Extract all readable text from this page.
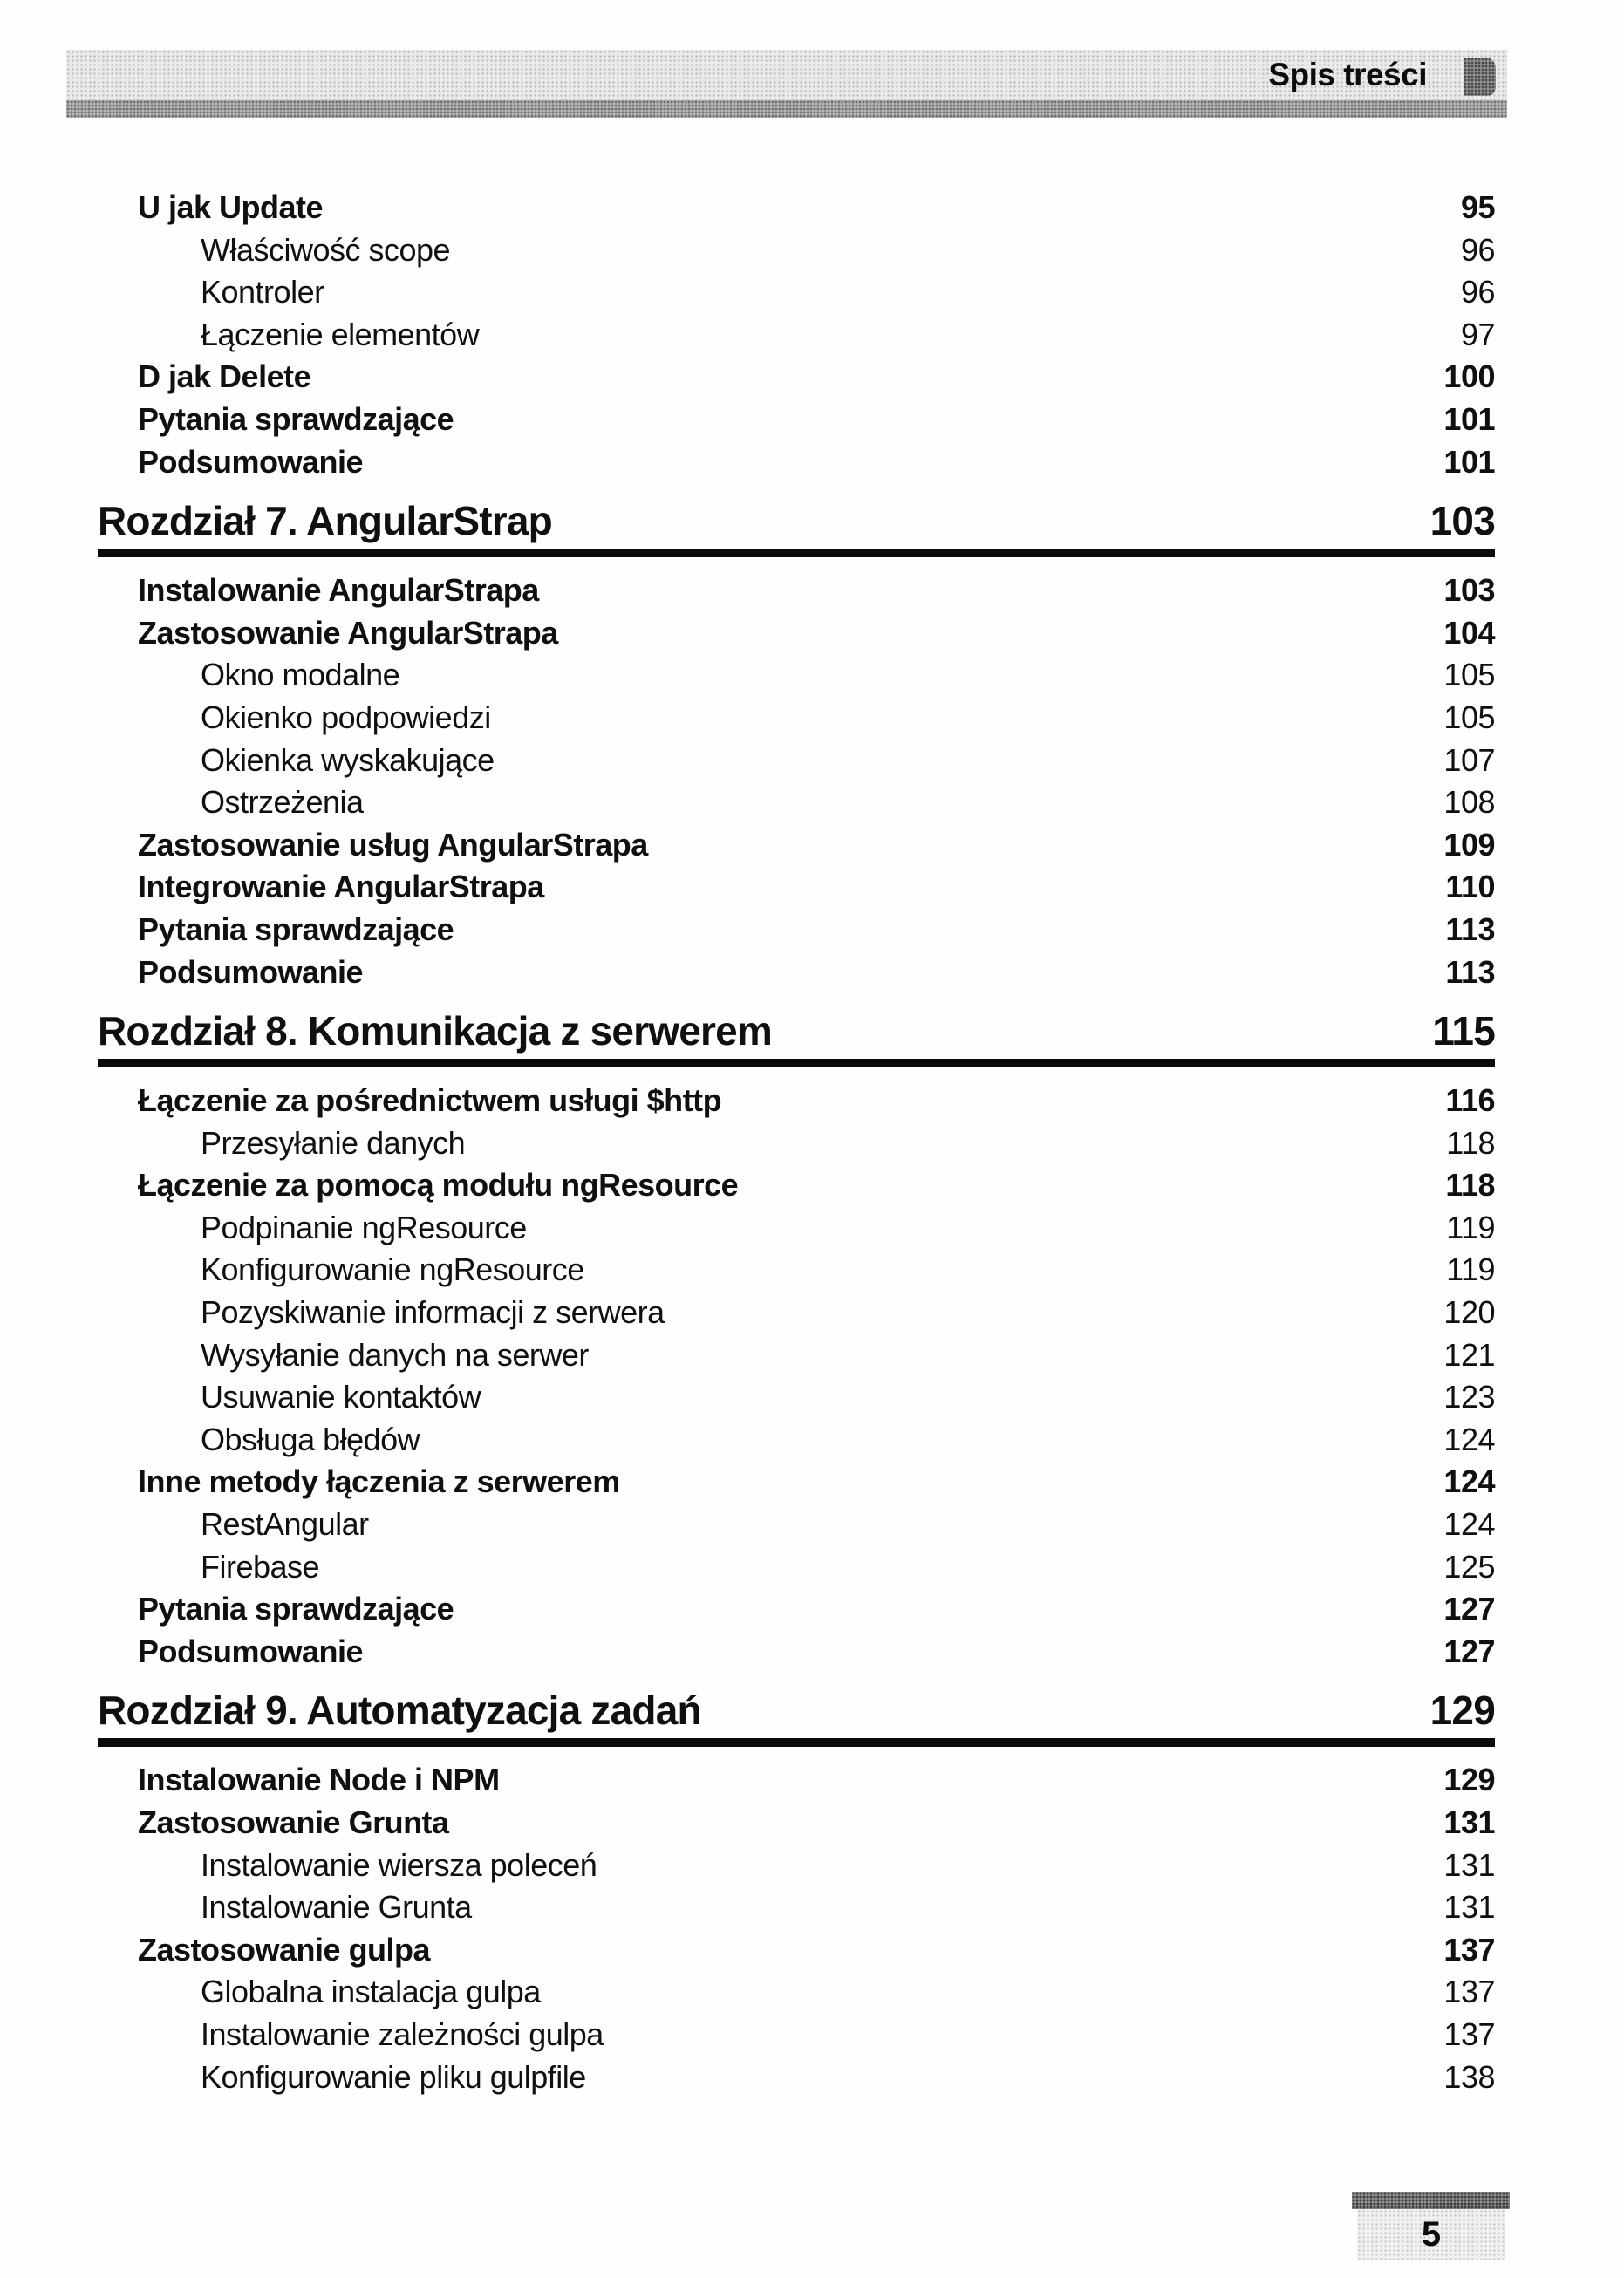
Spis treści
U jak Update	95
Właściwość scope	96
Kontroler	96
Łączenie elementów	97
D jak Delete	100
Pytania sprawdzające	101
Podsumowanie	101
Rozdział 7. AngularStrap	103
Instalowanie AngularStrapa	103
Zastosowanie AngularStrapa	104
Okno modalne	105
Okienko podpowiedzi	105
Okienka wyskakujące	107
Ostrzeżenia	108
Zastosowanie usług AngularStrapa	109
Integrowanie AngularStrapa	110
Pytania sprawdzające	113
Podsumowanie	113
Rozdział 8. Komunikacja z serwerem	115
Łączenie za pośrednictwem usługi $http	116
Przesyłanie danych	118
Łączenie za pomocą modułu ngResource	118
Podpinanie ngResource	119
Konfigurowanie ngResource	119
Pozyskiwanie informacji z serwera	120
Wysyłanie danych na serwer	121
Usuwanie kontaktów	123
Obsługa błędów	124
Inne metody łączenia z serwerem	124
RestAngular	124
Firebase	125
Pytania sprawdzające	127
Podsumowanie	127
Rozdział 9. Automatyzacja zadań	129
Instalowanie Node i NPM	129
Zastosowanie Grunta	131
Instalowanie wiersza poleceń	131
Instalowanie Grunta	131
Zastosowanie gulpa	137
Globalna instalacja gulpa	137
Instalowanie zależności gulpa	137
Konfigurowanie pliku gulpfile	138
5
